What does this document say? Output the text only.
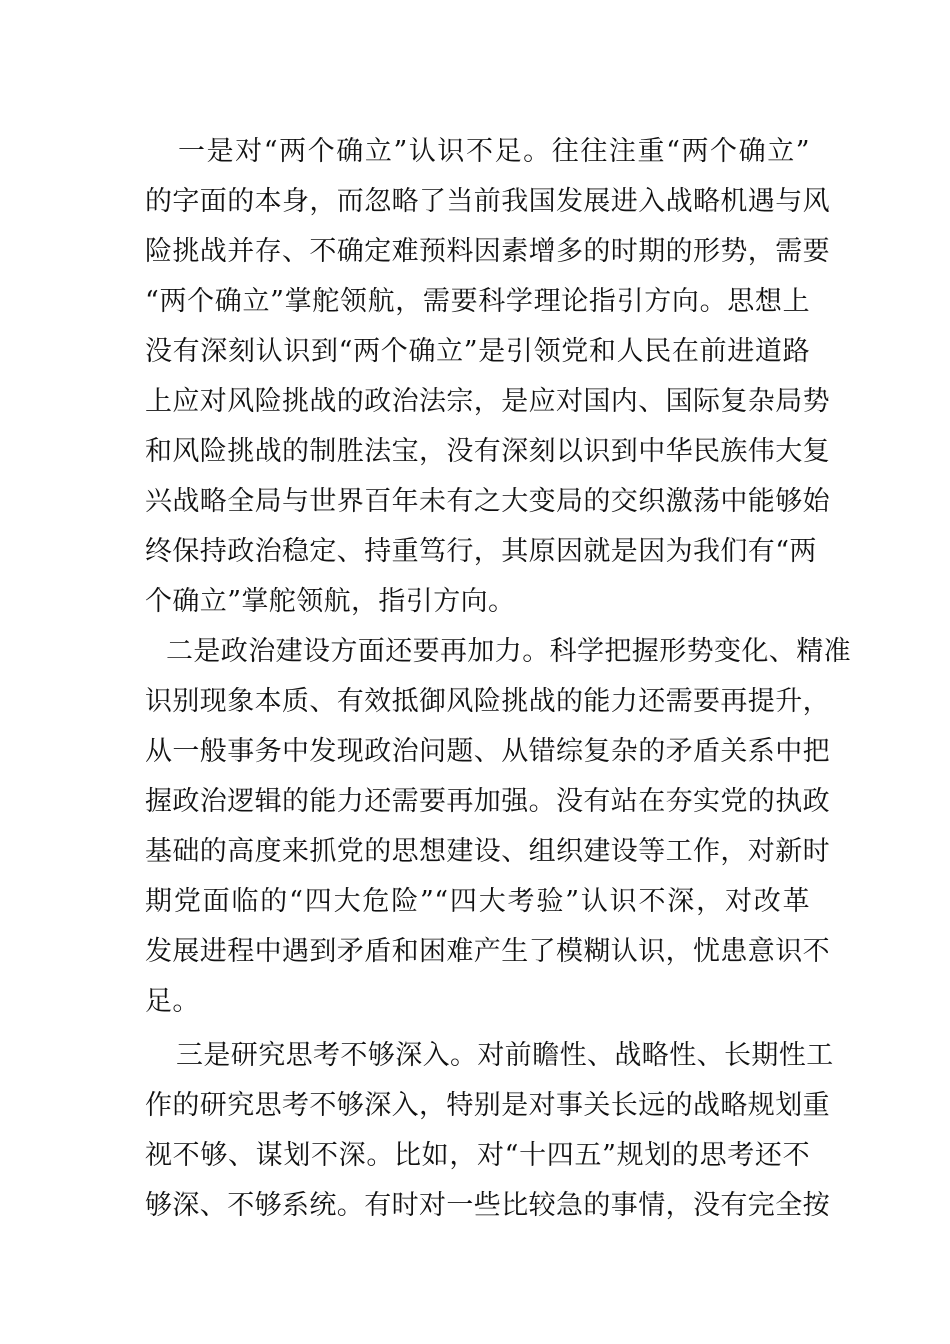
一是对“两个确立”认识不足。往往注重“两个确立”
的字面的本身，而忽略了当前我国发展进入战略机遇与风
险挑战并存、不确定难预料因素增多的时期的形势，需要
“两个确立”掌舵领航，需要科学理论指引方向。思想上
没有深刻认识到“两个确立”是引领党和人民在前进道路
上应对风险挑战的政治法宗，是应对国内、国际复杂局势
和风险挑战的制胜法宝，没有深刻以识到中华民族伟大复
兴战略全局与世界百年未有之大变局的交织激荡中能够始
终保持政治稳定、持重笃行，其原因就是因为我们有“两
个确立”掌舵领航，指引方向。
二是政治建设方面还要再加力。科学把握形势变化、精准
识别现象本质、有效抵御风险挑战的能力还需要再提升，
从一般事务中发现政治问题、从错综复杂的矛盾关系中把
握政治逻辑的能力还需要再加强。没有站在夯实党的执政
基础的高度来抓党的思想建设、组织建设等工作，对新时
期党面临的“四大危险”“四大考验”认识不深，对改革
发展进程中遇到矛盾和困难产生了模糊认识，忧患意识不
足。
三是研究思考不够深入。对前瞻性、战略性、长期性工
作的研究思考不够深入，特别是对事关长远的战略规划重
视不够、谋划不深。比如，对“十四五”规划的思考还不
够深、不够系统。有时对一些比较急的事情，没有完全按
